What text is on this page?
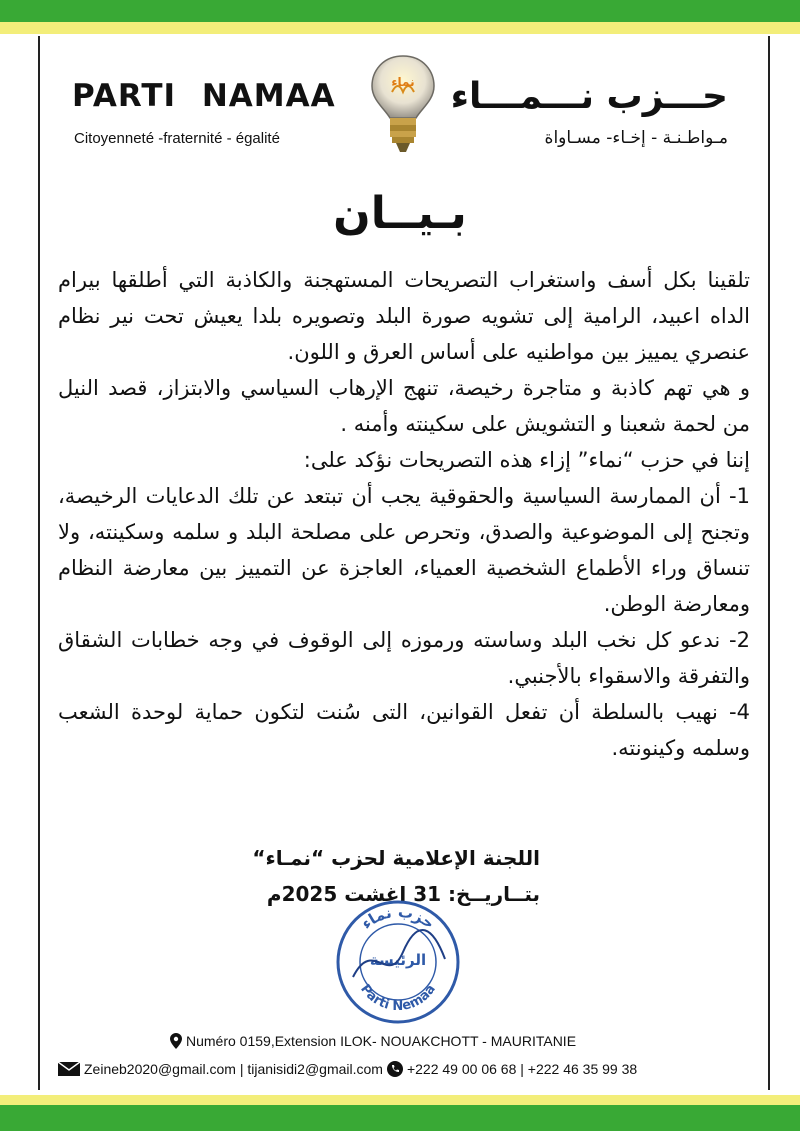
PARTI NAMAA
Citoyenneté -fraternité - égalité
حـــزب نـــمـــاء
مـواطـنـة - إخـاء- مسـاواة
نماء
بـيــان

تلقينا بكل أسف واستغراب التصريحات المستهجنة والكاذبة التي أطلقها بيرام الداه اعبيد، الرامية إلى تشويه صورة البلد وتصويره بلدا يعيش تحت نير نظام عنصري يمييز بين مواطنيه على أساس العرق و اللون.

و هي تهم كاذبة و متاجرة رخيصة، تنهج الإرهاب السياسي والابتزاز، قصد النيل من لحمة شعبنا و التشويش على سكينته وأمنه .

إننا في حزب “نماء” إزاء هذه التصريحات نؤكد على:

1- أن الممارسة السياسية والحقوقية يجب أن تبتعد عن تلك الدعايات الرخيصة، وتجنح إلى الموضوعية والصدق، وتحرص على مصلحة البلد و سلمه وسكينته، ولا تنساق وراء الأطماع الشخصية العمياء، العاجزة عن التمييز بين معارضة النظام ومعارضة الوطن.

2- ندعو كل نخب البلد وساسته ورموزه إلى الوقوف في وجه خطابات الشقاق والتفرقة والاسقواء بالأجنبي.

4- نهيب بالسلطة أن تفعل القوانين، التى سُنت لتكون حماية لوحدة الشعب وسلمه وكينونته.

اللجنة الإعلامية لحزب “نمـاء“
بتــاريــخ: 31 اغشت 2025م
حزب نماء
Parti Nemaa
الرئيسة
Numéro 0159,Extension ILOK- NOUAKCHOTT - MAURITANIE
Zeineb2020@gmail.com | tijanisidi2@gmail.com +222 49 00 06 68 | +222 46 35 99 38
